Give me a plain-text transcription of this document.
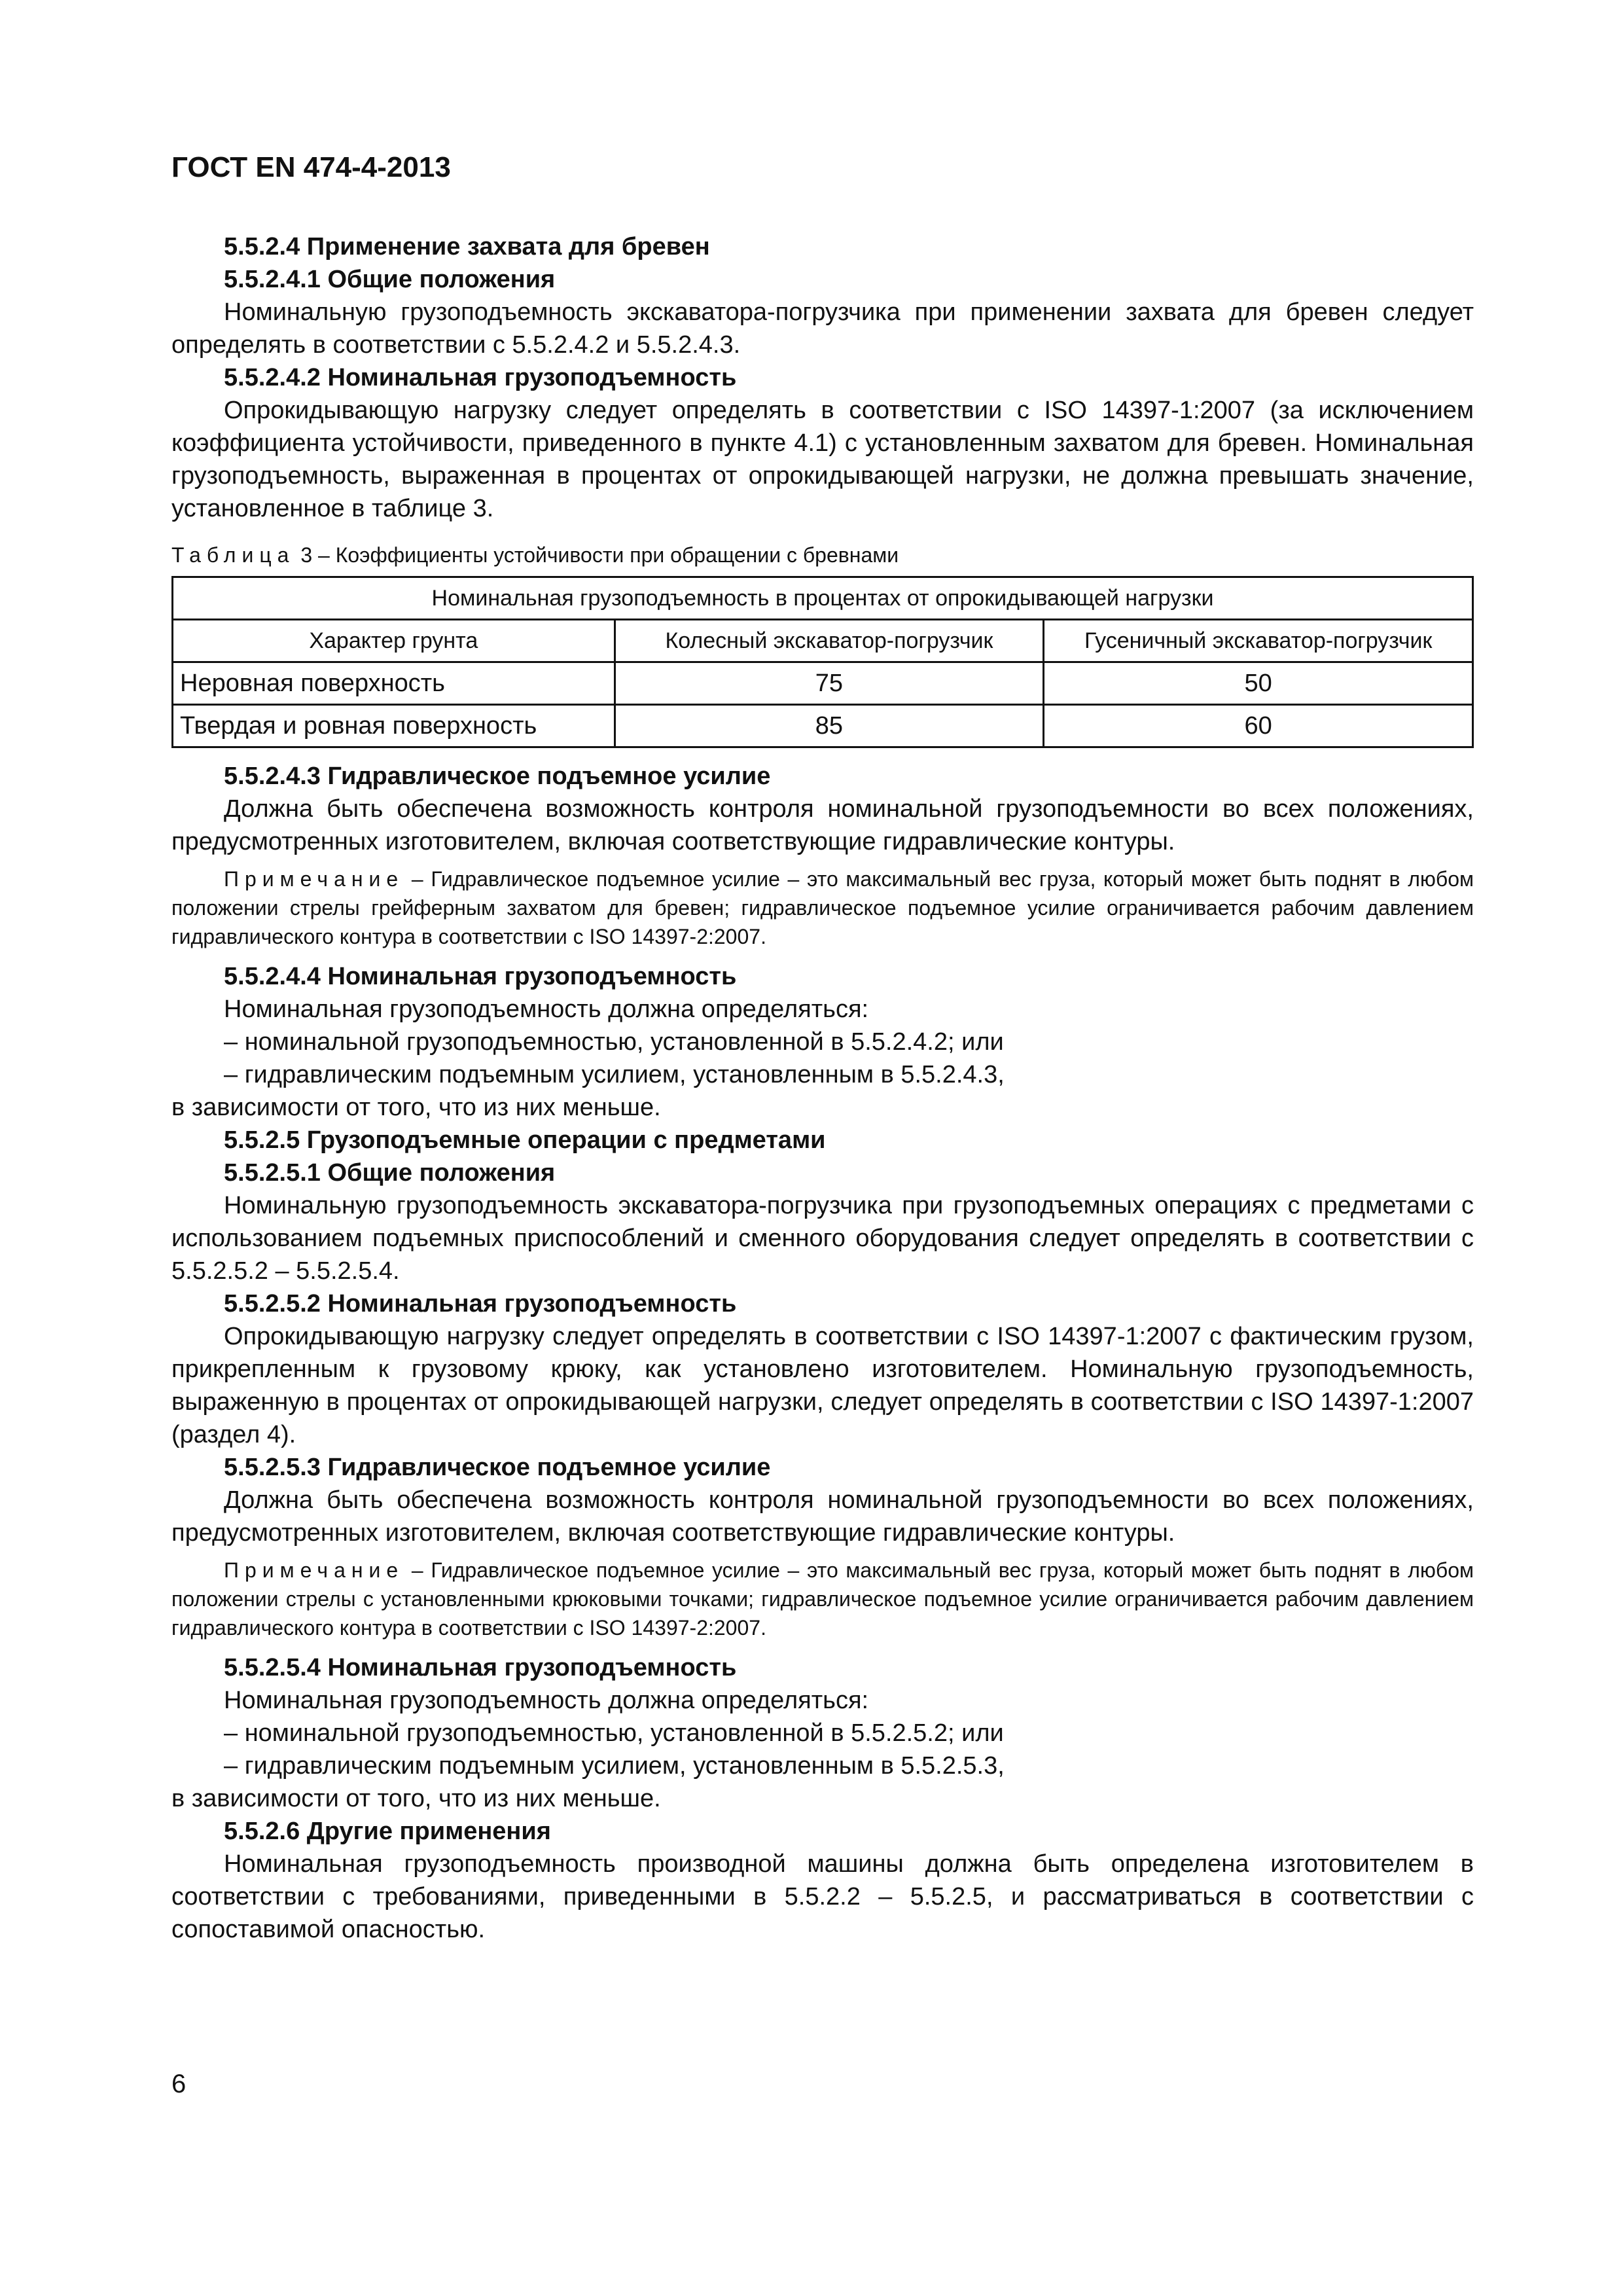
ГОСТ EN 474-4-2013

5.5.2.4 Применение захвата для бревен

5.5.2.4.1 Общие положения

Номинальную грузоподъемность экскаватора-погрузчика при применении захвата для бревен следует определять в соответствии с 5.5.2.4.2 и 5.5.2.4.3.

5.5.2.4.2 Номинальная грузоподъемность

Опрокидывающую нагрузку следует определять в соответствии с ISO 14397-1:2007 (за исключением коэффициента устойчивости, приведенного в пункте 4.1) с установленным захватом для бревен. Номинальная грузоподъемность, выраженная в процентах от опрокидывающей нагрузки, не должна превышать значение, установленное в таблице 3.

Таблица 3 – Коэффициенты устойчивости при обращении с бревнами
Номинальная грузоподъемность в процентах от опрокидывающей нагрузки		
Характер грунта	Колесный экскаватор-погрузчик	Гусеничный экскаватор-погрузчик
Неровная поверхность	75	50
Твердая и ровная поверхность	85	60

5.5.2.4.3 Гидравлическое подъемное усилие

Должна быть обеспечена возможность контроля номинальной грузоподъемности во всех положениях, предусмотренных изготовителем, включая соответствующие гидравлические контуры.

Примечание – Гидравлическое подъемное усилие – это максимальный вес груза, который может быть поднят в любом положении стрелы грейферным захватом для бревен; гидравлическое подъемное усилие ограничивается рабочим давлением гидравлического контура в соответствии с ISO 14397-2:2007.

5.5.2.4.4 Номинальная грузоподъемность

Номинальная грузоподъемность должна определяться:

– номинальной грузоподъемностью, установленной в 5.5.2.4.2; или

– гидравлическим подъемным усилием, установленным в 5.5.2.4.3,

в зависимости от того, что из них меньше.

5.5.2.5 Грузоподъемные операции с предметами

5.5.2.5.1 Общие положения

Номинальную грузоподъемность экскаватора-погрузчика при грузоподъемных операциях с предметами с использованием подъемных приспособлений и сменного оборудования следует определять в соответствии с 5.5.2.5.2 – 5.5.2.5.4.

5.5.2.5.2 Номинальная грузоподъемность

Опрокидывающую нагрузку следует определять в соответствии с ISO 14397-1:2007 с фактическим грузом, прикрепленным к грузовому крюку, как установлено изготовителем. Номинальную грузоподъемность, выраженную в процентах от опрокидывающей нагрузки, следует определять в соответствии с ISO 14397-1:2007 (раздел 4).

5.5.2.5.3 Гидравлическое подъемное усилие

Должна быть обеспечена возможность контроля номинальной грузоподъемности во всех положениях, предусмотренных изготовителем, включая соответствующие гидравлические контуры.

Примечание – Гидравлическое подъемное усилие – это максимальный вес груза, который может быть поднят в любом положении стрелы с установленными крюковыми точками; гидравлическое подъемное усилие ограничивается рабочим давлением гидравлического контура в соответствии с ISO 14397-2:2007.

5.5.2.5.4 Номинальная грузоподъемность

Номинальная грузоподъемность должна определяться:

– номинальной грузоподъемностью, установленной в 5.5.2.5.2; или

– гидравлическим подъемным усилием, установленным в 5.5.2.5.3,

в зависимости от того, что из них меньше.

5.5.2.6 Другие применения

Номинальная грузоподъемность производной машины должна быть определена изготовителем в соответствии с требованиями, приведенными в 5.5.2.2 – 5.5.2.5, и рассматриваться в соответствии с сопоставимой опасностью.

6
